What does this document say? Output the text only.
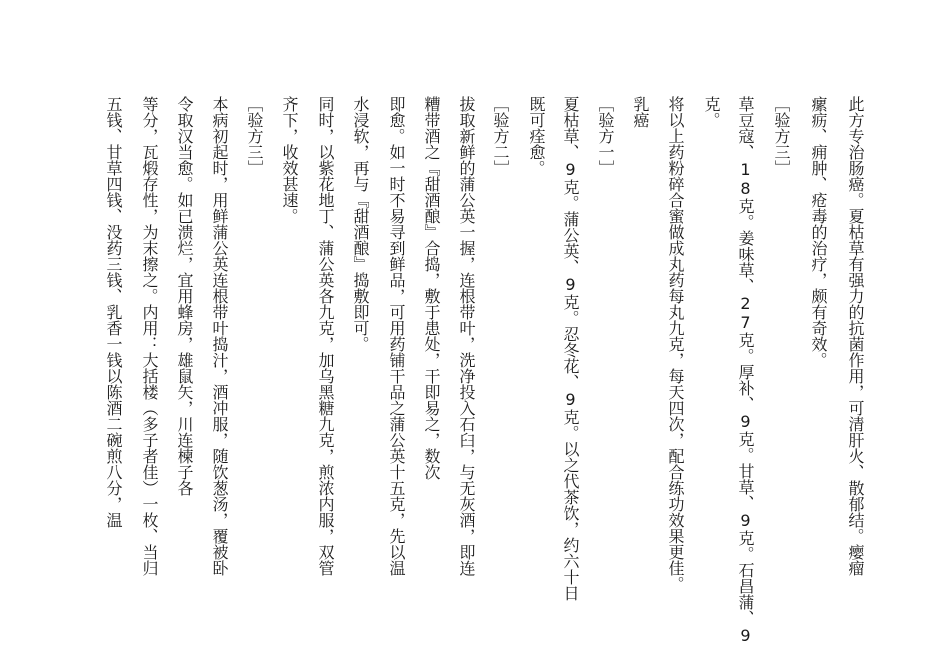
此方专治肠癌。夏枯草有强力的抗菌作用，可清肝火、散郁结。瘿瘤
瘰疬、痈肿、疮毒的治疗，颇有奇效。
［验方三］
草豆寇、18克。姜味草、27克。厚补、9克。甘草、9克。石昌蒲、9
克。
将以上药粉碎合蜜做成丸药每丸九克，每天四次，配合练功效果更佳。
乳癌
［验方一］
夏枯草、9克。蒲公英、9克。忍冬花、9克。以之代茶饮，约六十日
既可痊愈。
［验方二］
拔取新鲜的蒲公英一握，连根带叶，洗净投入石臼，与无灰酒，即连
糟带酒之『甜酒酿』合捣，敷于患处，干即易之，数次
即愈。如一时不易寻到鲜品，可用药铺干品之蒲公英十五克，先以温
水浸软，再与『甜酒酿』捣敷即可。
同时，以紫花地丁、蒲公英各九克，加乌黑糖九克，煎浓内服，双管
齐下，收效甚速。
［验方三］
本病初起时，用鲜蒲公英连根带叶捣汁，酒冲服，随饮葱汤，覆被卧
令取汉当愈。如已溃烂，宜用蜂房，雄鼠矢，川连楝子各
等分，瓦煅存性，为末擦之。内用：大括楼（多子者佳）一枚、当归
五钱、甘草四钱、没药三钱、乳香一钱以陈酒二碗煎八分，温
